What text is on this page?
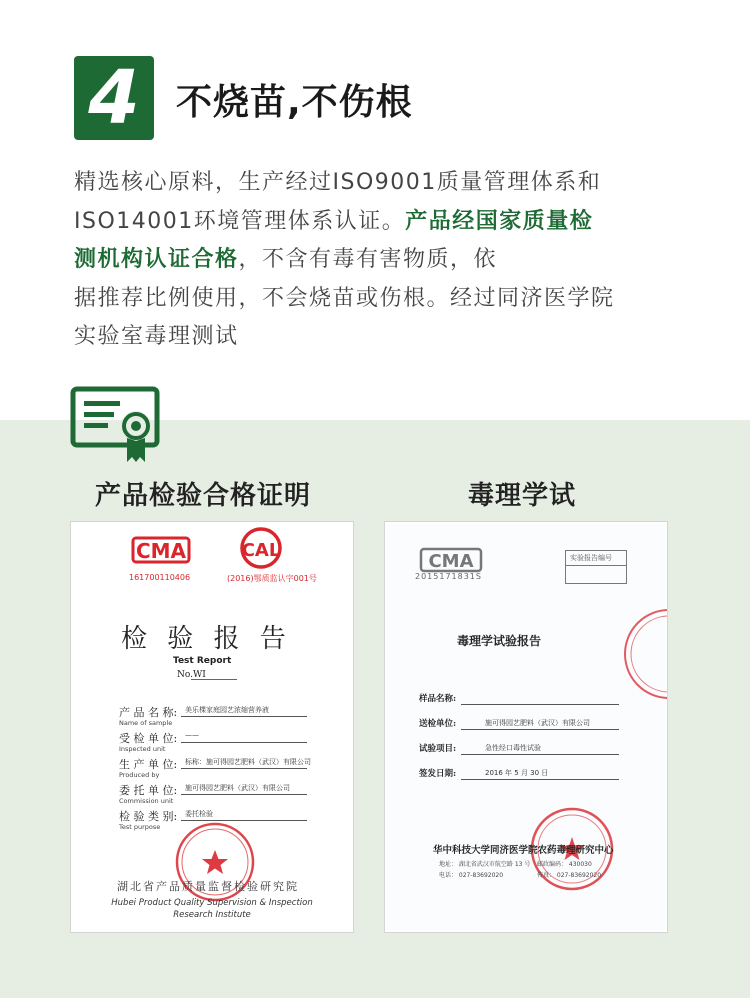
4 不烧苗,不伤根
精选核心原料，生产经过ISO9001质量管理体系和
ISO14001环境管理体系认证。产品经国家质量检
测机构认证合格，不含有毒有害物质，依
据推荐比例使用，不会烧苗或伤根。经过同济医学院
实验室毒理测试
产品检验合格证明	毒理学试
CMA	CAL
161700110406	(2016)鄂质监认字001号
检 验 报 告
Test Report
No.WI
湖北省产品质量监督检验研究院
Hubei Product Quality Supervision & Inspection Research Institute
产 品 名 称:
Name of sample
美乐棵家庭园艺浓缩营养液
受 检 单 位:
Inspected unit
——
生 产 单 位:
Produced by
标称：施可得园艺肥料（武汉）有限公司
委 托 单 位:
Commission unit
施可得园艺肥料（武汉）有限公司
检 验 类 别:
Test purpose
委托检验
CMA
2015171831S
实验报告编号
毒理学试验报告
华中科技大学同济医学院农药毒理研究中心
地址： 湖北省武汉市航空路 13 号 邮政编码： 430030
电话： 027-83692020	传真： 027-83692020
样品名称:
送检单位:	施可得园艺肥料（武汉）有限公司
试验项目:	急性经口毒性试验
签发日期:	2016 年 5 月 30 日
